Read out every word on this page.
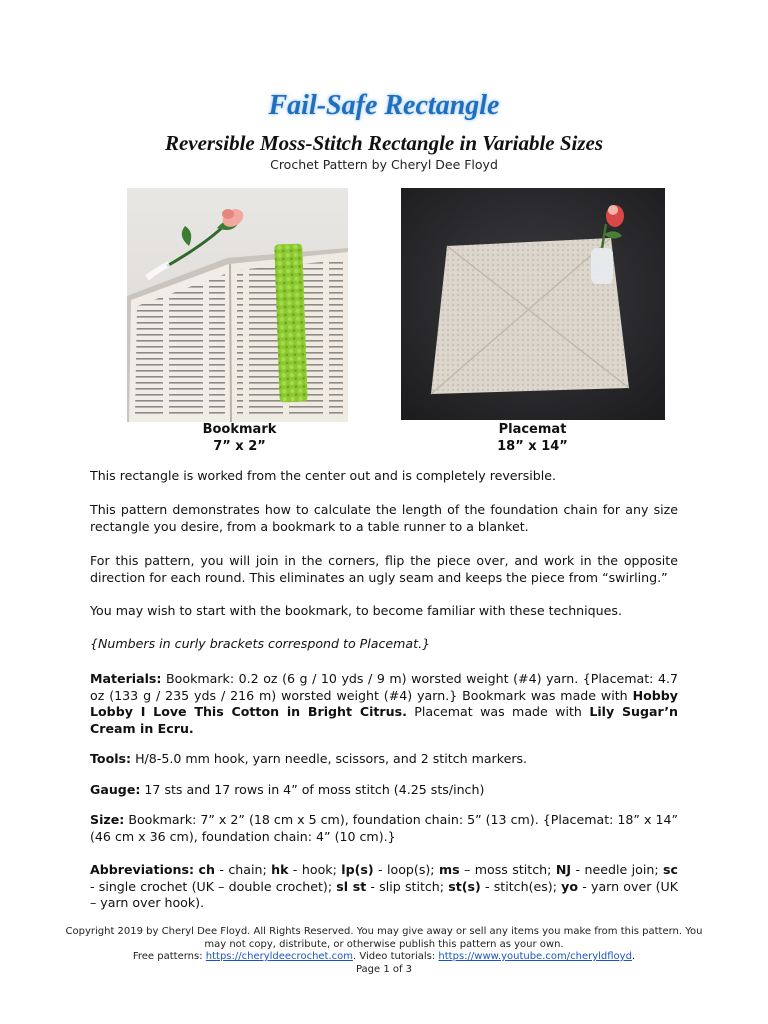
Fail-Safe Rectangle
Reversible Moss-Stitch Rectangle in Variable Sizes
Crochet Pattern by Cheryl Dee Floyd
Bookmark
7” x 2”
Placemat
18” x 14”
This rectangle is worked from the center out and is completely reversible.
This pattern demonstrates how to calculate the length of the foundation chain for any size rectangle you desire, from a bookmark to a table runner to a blanket.
For this pattern, you will join in the corners, flip the piece over, and work in the opposite direction for each round. This eliminates an ugly seam and keeps the piece from “swirling.”
You may wish to start with the bookmark, to become familiar with these techniques.
{Numbers in curly brackets correspond to Placemat.}
Materials: Bookmark: 0.2 oz (6 g / 10 yds / 9 m) worsted weight (#4) yarn. {Placemat: 4.7 oz (133 g / 235 yds / 216 m) worsted weight (#4) yarn.} Bookmark was made with Hobby Lobby I Love This Cotton in Bright Citrus. Placemat was made with Lily Sugar’n Cream in Ecru.
Tools: H/8-5.0 mm hook, yarn needle, scissors, and 2 stitch markers.
Gauge: 17 sts and 17 rows in 4” of moss stitch (4.25 sts/inch)
Size: Bookmark: 7” x 2” (18 cm x 5 cm), foundation chain: 5” (13 cm). {Placemat: 18” x 14” (46 cm x 36 cm), foundation chain: 4” (10 cm).}
Abbreviations: ch - chain; hk - hook; lp(s) - loop(s); ms – moss stitch; NJ - needle join; sc - single crochet (UK – double crochet); sl st - slip stitch; st(s) - stitch(es); yo - yarn over (UK – yarn over hook).
Copyright 2019 by Cheryl Dee Floyd. All Rights Reserved. You may give away or sell any items you make from this pattern. You may not copy, distribute, or otherwise publish this pattern as your own.
Free patterns: https://cheryldeecrochet.com. Video tutorials: https://www.youtube.com/cheryldfloyd.
Page 1 of 3
